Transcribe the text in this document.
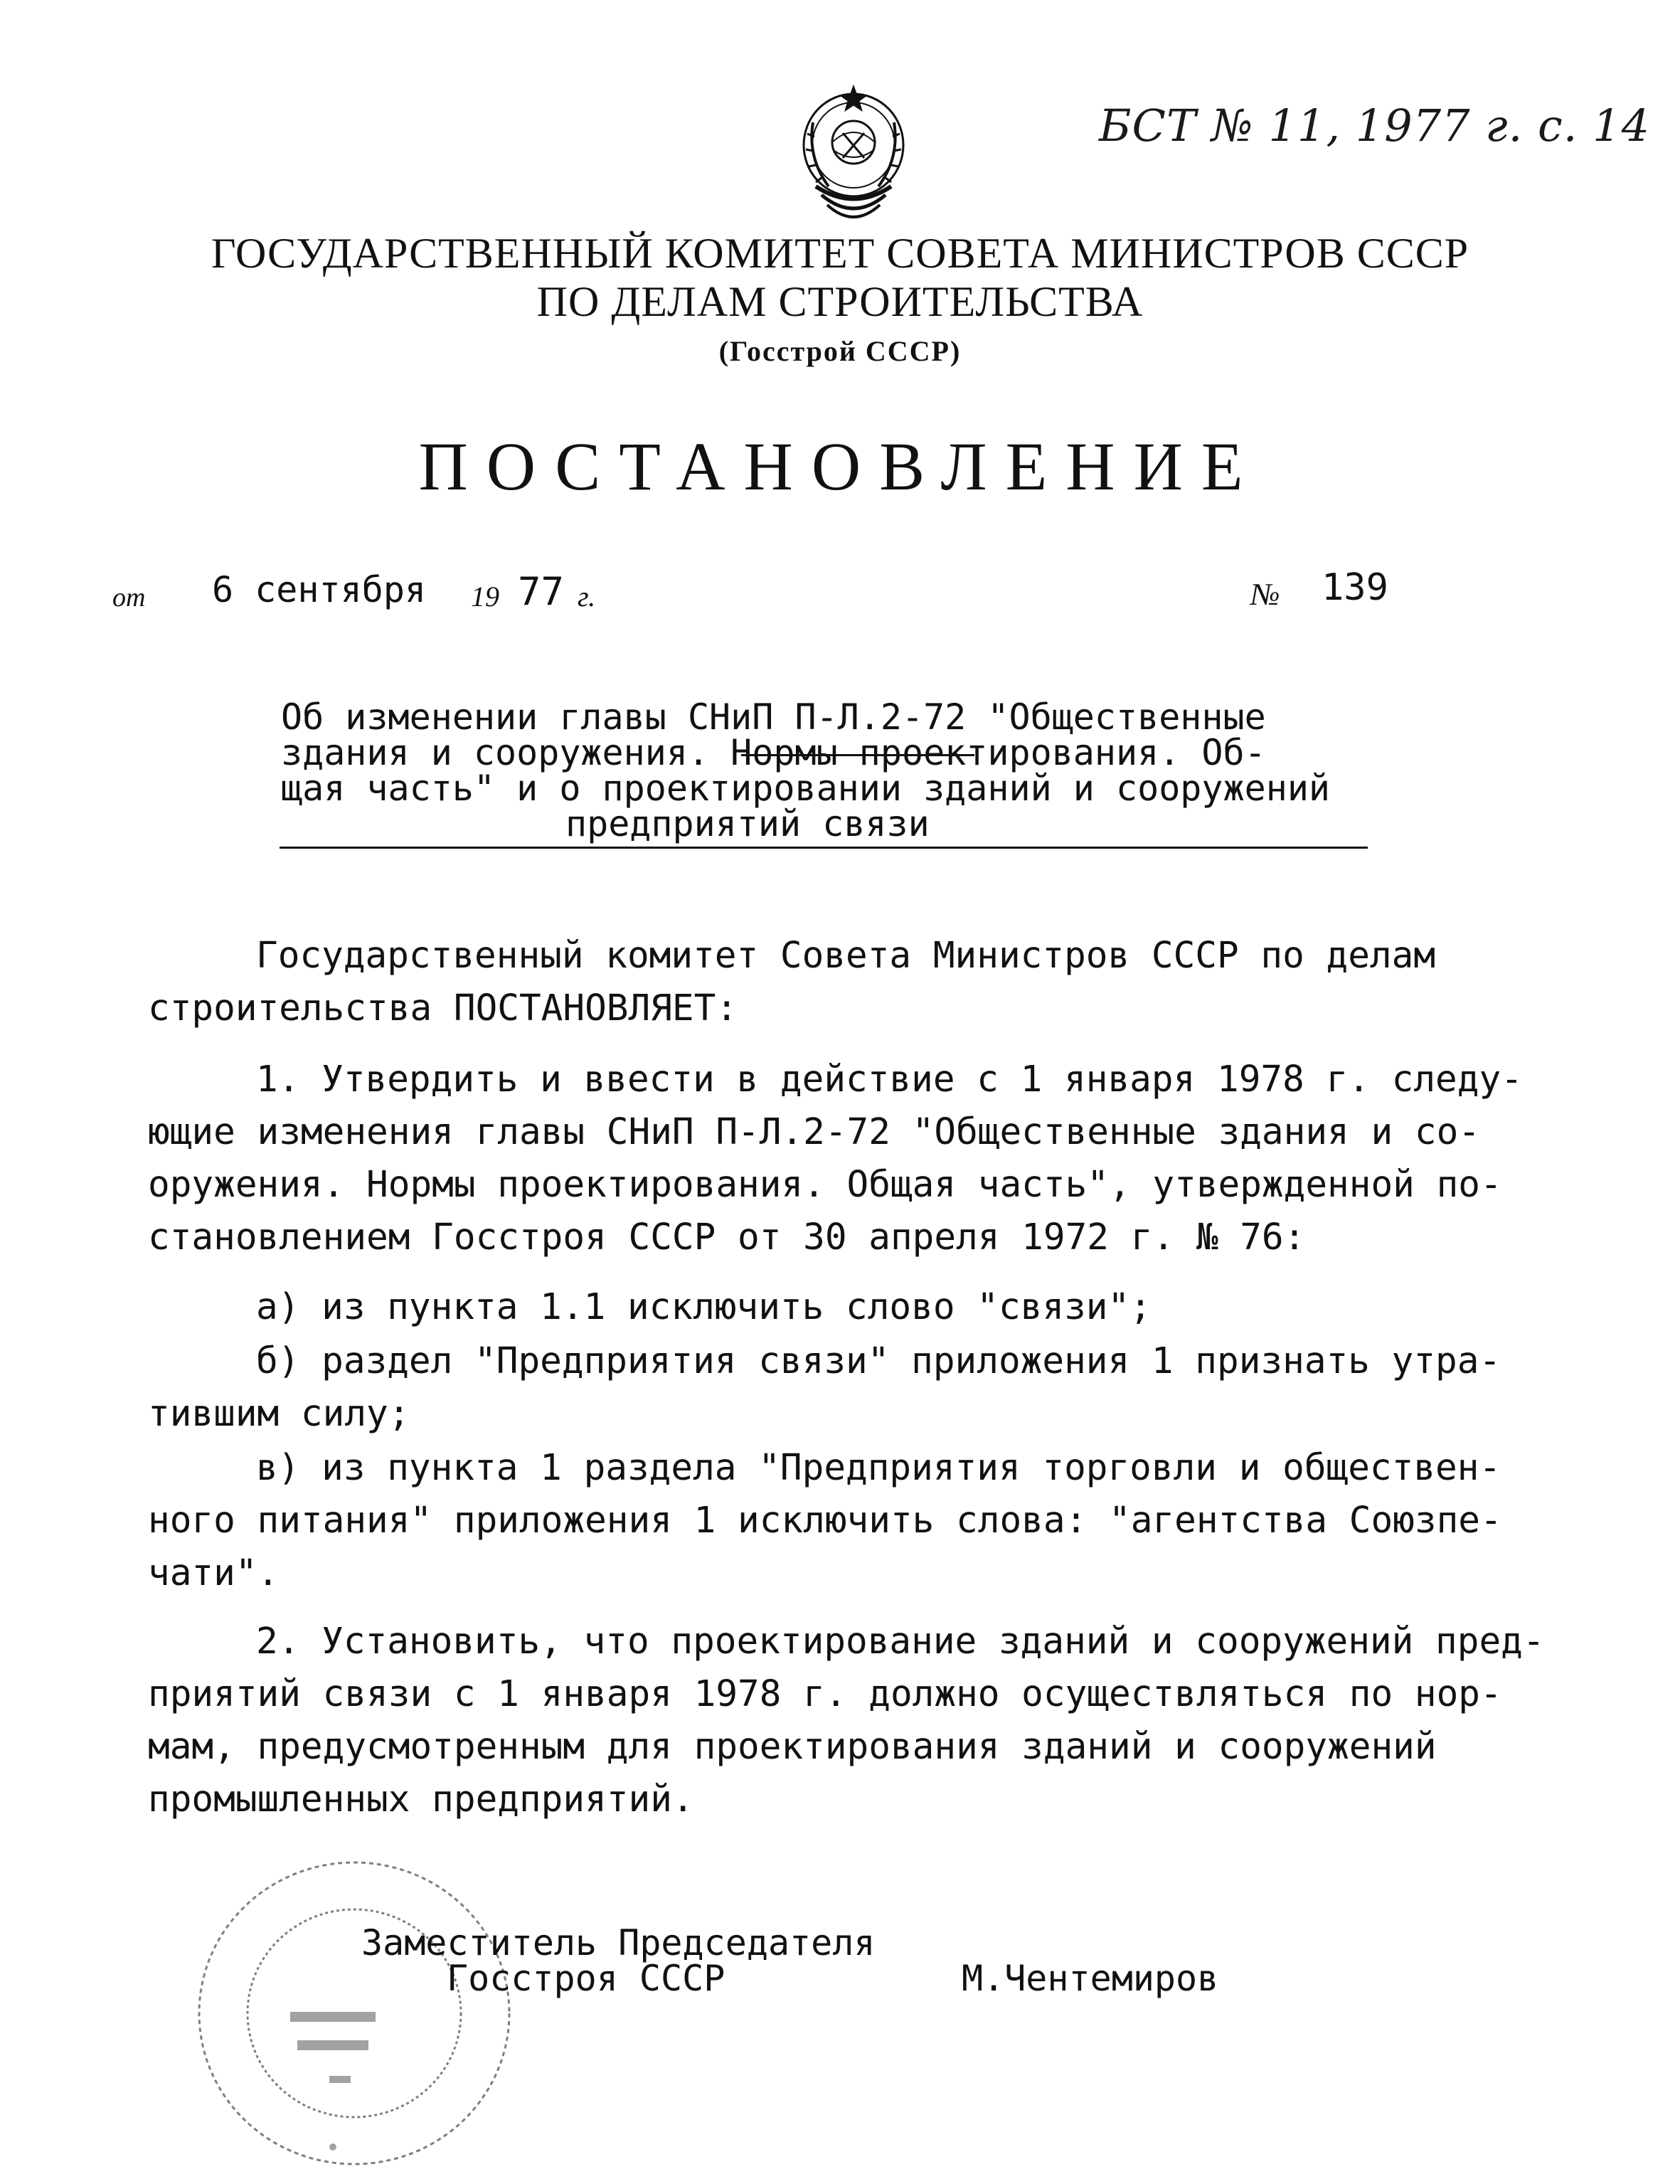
БСТ № 11, 1977 г. с. 14
ГОСУДАРСТВЕННЫЙ КОМИТЕТ СОВЕТА МИНИСТРОВ СССР
ПО ДЕЛАМ СТРОИТЕЛЬСТВА
(Госстрой СССР)
ПОСТАНОВЛЕНИЕ
от 6 сентября 19 77 г.	№ 139
Об изменении главы СНиП П-Л.2-72 "Общественные
здания и сооружения. Нормы проектирования. Об-
щая часть" и о проектировании зданий и сооружений
предприятий связи
Государственный комитет Совета Министров СССР по делам
строительства ПОСТАНОВЛЯЕТ:
1. Утвердить и ввести в действие с 1 января 1978 г. следу-
ющие изменения главы СНиП П-Л.2-72 "Общественные здания и со-
оружения. Нормы проектирования. Общая часть", утвержденной по-
становлением Госстроя СССР от 30 апреля 1972 г. № 76:
а) из пункта 1.1 исключить слово "связи";
б) раздел "Предприятия связи" приложения 1 признать утра-
тившим силу;
в) из пункта 1 раздела "Предприятия торговли и обществен-
ного питания" приложения 1 исключить слова: "агентства Союзпе-
чати".
2. Установить, что проектирование зданий и сооружений пред-
приятий связи с 1 января 1978 г. должно осуществляться по нор-
мам, предусмотренным для проектирования зданий и сооружений
промышленных предприятий.
Заместитель Председателя
Госстроя СССР	М.Чентемиров
